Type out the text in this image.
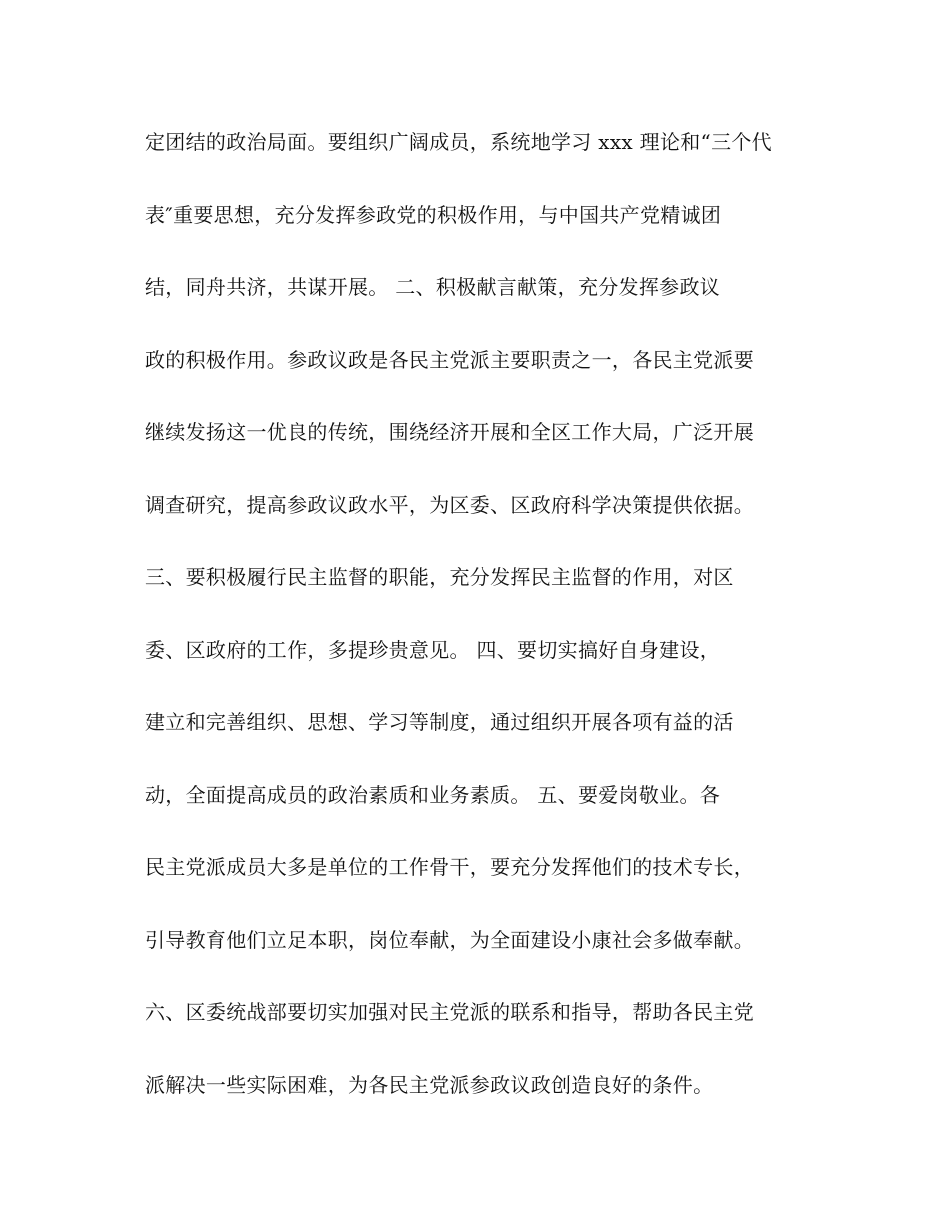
定团结的政治局面。要组织广阔成员，系统地学习 xxx 理论和“三个代
表″重要思想，充分发挥参政党的积极作用，与中国共产党精诚团
结，同舟共济，共谋开展。 二、积极献言献策，充分发挥参政议
政的积极作用。参政议政是各民主党派主要职责之一，各民主党派要
继续发扬这一优良的传统，围绕经济开展和全区工作大局，广泛开展
调查研究，提高参政议政水平，为区委、区政府科学决策提供依据。
三、要积极履行民主监督的职能，充分发挥民主监督的作用，对区
委、区政府的工作，多提珍贵意见。 四、要切实搞好自身建设，
建立和完善组织、思想、学习等制度，通过组织开展各项有益的活
动，全面提高成员的政治素质和业务素质。 五、要爱岗敬业。各
民主党派成员大多是单位的工作骨干，要充分发挥他们的技术专长，
引导教育他们立足本职，岗位奉献，为全面建设小康社会多做奉献。
六、区委统战部要切实加强对民主党派的联系和指导，帮助各民主党
派解决一些实际困难，为各民主党派参政议政创造良好的条件。
